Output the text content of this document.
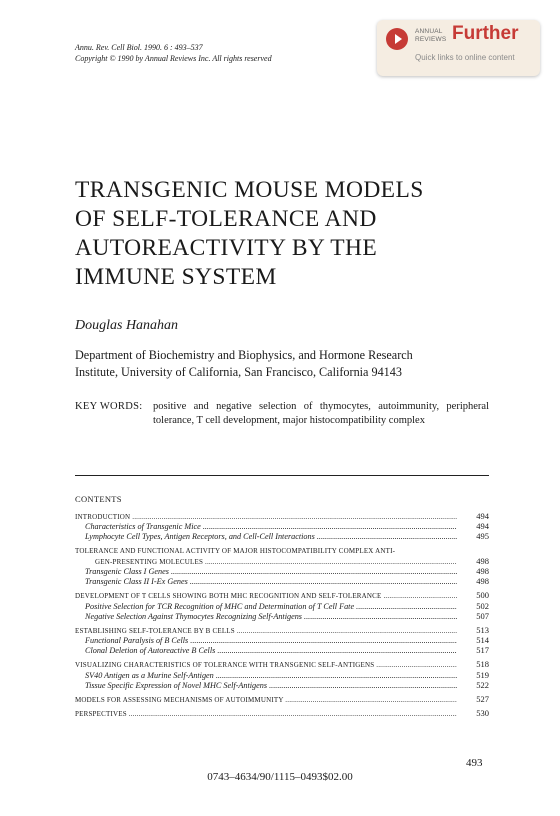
Annu. Rev. Cell Biol. 1990. 6 : 493–537
Copyright © 1990 by Annual Reviews Inc. All rights reserved
ANNUAL
REVIEWS Further
Quick links to online content
TRANSGENIC MOUSE MODELS
OF SELF-TOLERANCE AND
AUTOREACTIVITY BY THE
IMMUNE SYSTEM
Douglas Hanahan
Department of Biochemistry and Biophysics, and Hormone Research
Institute, University of California, San Francisco, California 94143
KEY WORDS: positive and negative selection of thymocytes, autoimmunity, peripheral tolerance, T cell development, major histocompatibility complex
CONTENTS
INTRODUCTION .....	494
Characteristics of Transgenic Mice .....	494
Lymphocyte Cell Types, Antigen Receptors, and Cell-Cell Interactions .....	495
TOLERANCE AND FUNCTIONAL ACTIVITY OF MAJOR HISTOCOMPATIBILITY COMPLEX ANTI-
GEN-PRESENTING MOLECULES .....	498
Transgenic Class I Genes .....	498
Transgenic Class II I-Ex Genes .....	498
DEVELOPMENT OF T CELLS SHOWING BOTH MHC RECOGNITION AND SELF-TOLERANCE .....	500
Positive Selection for TCR Recognition of MHC and Determination of T Cell Fate .....	502
Negative Selection Against Thymocytes Recognizing Self-Antigens .....	507
ESTABLISHING SELF-TOLERANCE BY B CELLS .....	513
Functional Paralysis of B Cells .....	514
Clonal Deletion of Autoreactive B Cells .....	517
VISUALIZING CHARACTERISTICS OF TOLERANCE WITH TRANSGENIC SELF-ANTIGENS .....	518
SV40 Antigen as a Murine Self-Antigen .....	519
Tissue Specific Expression of Novel MHC Self-Antigens .....	522
MODELS FOR ASSESSING MECHANISMS OF AUTOIMMUNITY .....	527
PERSPECTIVES .....	530
493
0743–4634/90/1115–0493$02.00
